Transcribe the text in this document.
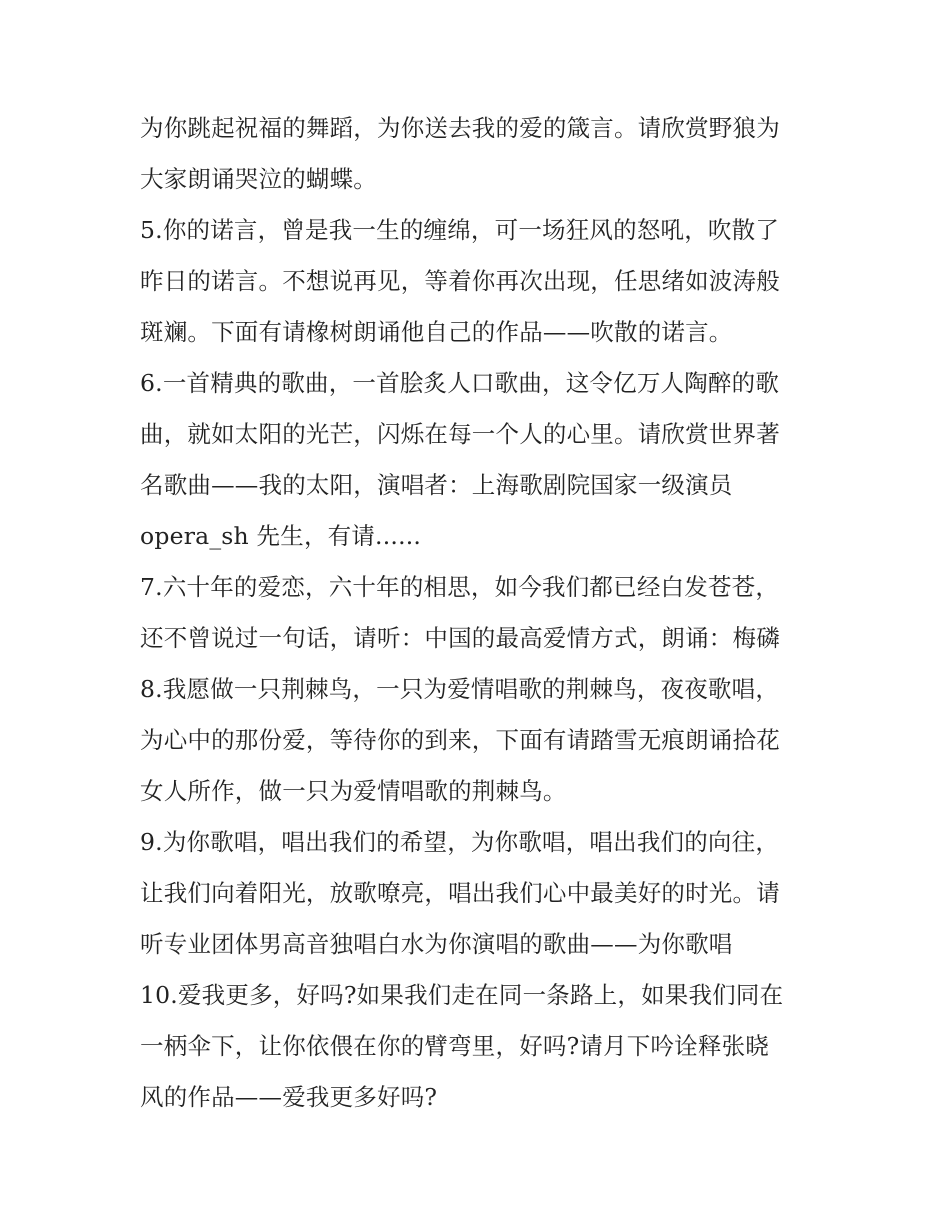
为你跳起祝福的舞蹈，为你送去我的爱的箴言。请欣赏野狼为
大家朗诵哭泣的蝴蝶。
5.你的诺言，曾是我一生的缠绵，可一场狂风的怒吼，吹散了
昨日的诺言。不想说再见，等着你再次出现，任思绪如波涛般
斑斓。下面有请橡树朗诵他自己的作品——吹散的诺言。
6.一首精典的歌曲，一首脍炙人口歌曲，这令亿万人陶醉的歌
曲，就如太阳的光芒，闪烁在每一个人的心里。请欣赏世界著
名歌曲——我的太阳，演唱者：上海歌剧院国家一级演员
opera_sh 先生，有请......
7.六十年的爱恋，六十年的相思，如今我们都已经白发苍苍，
还不曾说过一句话，请听：中国的最高爱情方式，朗诵：梅磷
8.我愿做一只荆棘鸟，一只为爱情唱歌的荆棘鸟，夜夜歌唱，
为心中的那份爱，等待你的到来，下面有请踏雪无痕朗诵拾花
女人所作，做一只为爱情唱歌的荆棘鸟。
9.为你歌唱，唱出我们的希望，为你歌唱，唱出我们的向往，
让我们向着阳光，放歌嘹亮，唱出我们心中最美好的时光。请
听专业团体男高音独唱白水为你演唱的歌曲——为你歌唱
10.爱我更多，好吗?如果我们走在同一条路上，如果我们同在
一柄伞下，让你依偎在你的臂弯里，好吗?请月下吟诠释张晓
风的作品——爱我更多好吗?
